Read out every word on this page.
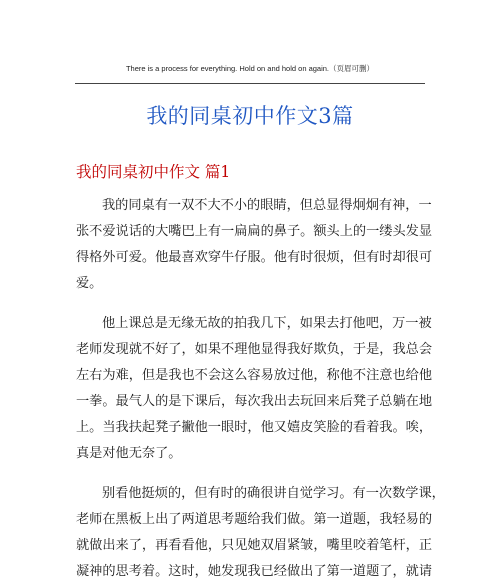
There is a process for everything. Hold on and hold on again.（页眉可删）
我的同桌初中作文3篇
我的同桌初中作文 篇1
我的同桌有一双不大不小的眼睛，但总显得炯炯有神，一
张不爱说话的大嘴巴上有一扁扁的鼻子。额头上的一缕头发显
得格外可爱。他最喜欢穿牛仔服。他有时很烦，但有时却很可
爱。
他上课总是无缘无故的拍我几下，如果去打他吧，万一被
老师发现就不好了，如果不理他显得我好欺负，于是，我总会
左右为难，但是我也不会这么容易放过他，称他不注意也给他
一拳。最气人的是下课后，每次我出去玩回来后凳子总躺在地
上。当我扶起凳子撇他一眼时，他又嬉皮笑脸的看着我。唉，
真是对他无奈了。
别看他挺烦的，但有时的确很讲自觉学习。有一次数学课，
老师在黑板上出了两道思考题给我们做。第一道题，我轻易的
就做出来了，再看看他，只见她双眉紧皱，嘴里咬着笔杆，正
凝神的思考着。这时，她发现我已经做出了第一道题了，就请
